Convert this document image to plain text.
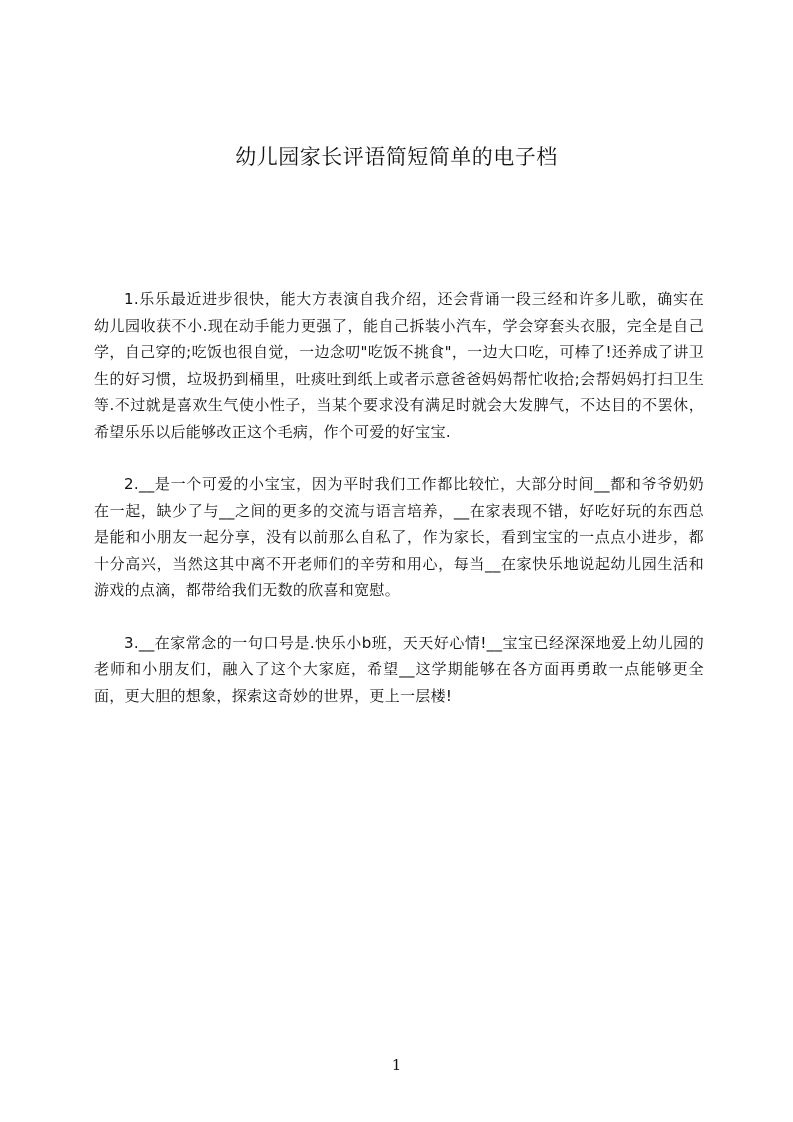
幼儿园家长评语简短简单的电子档

1.乐乐最近进步很快，能大方表演自我介绍，还会背诵一段三经和许多儿歌，确实在幼儿园收获不小.现在动手能力更强了，能自己拆装小汽车，学会穿套头衣服，完全是自己学，自己穿的;吃饭也很自觉，一边念叨"吃饭不挑食"，一边大口吃，可棒了!还养成了讲卫生的好习惯，垃圾扔到桶里，吐痰吐到纸上或者示意爸爸妈妈帮忙收拾;会帮妈妈打扫卫生等.不过就是喜欢生气使小性子，当某个要求没有满足时就会大发脾气，不达目的不罢休，希望乐乐以后能够改正这个毛病，作个可爱的好宝宝.

2.__是一个可爱的小宝宝，因为平时我们工作都比较忙，大部分时间__都和爷爷奶奶在一起，缺少了与__之间的更多的交流与语言培养，__在家表现不错，好吃好玩的东西总是能和小朋友一起分享，没有以前那么自私了，作为家长，看到宝宝的一点点小进步，都十分高兴，当然这其中离不开老师们的辛劳和用心，每当__在家快乐地说起幼儿园生活和游戏的点滴，都带给我们无数的欣喜和宽慰。

3.__在家常念的一句口号是.快乐小b班，天天好心情!__宝宝已经深深地爱上幼儿园的老师和小朋友们，融入了这个大家庭，希望__这学期能够在各方面再勇敢一点能够更全面，更大胆的想象，探索这奇妙的世界，更上一层楼!

1
